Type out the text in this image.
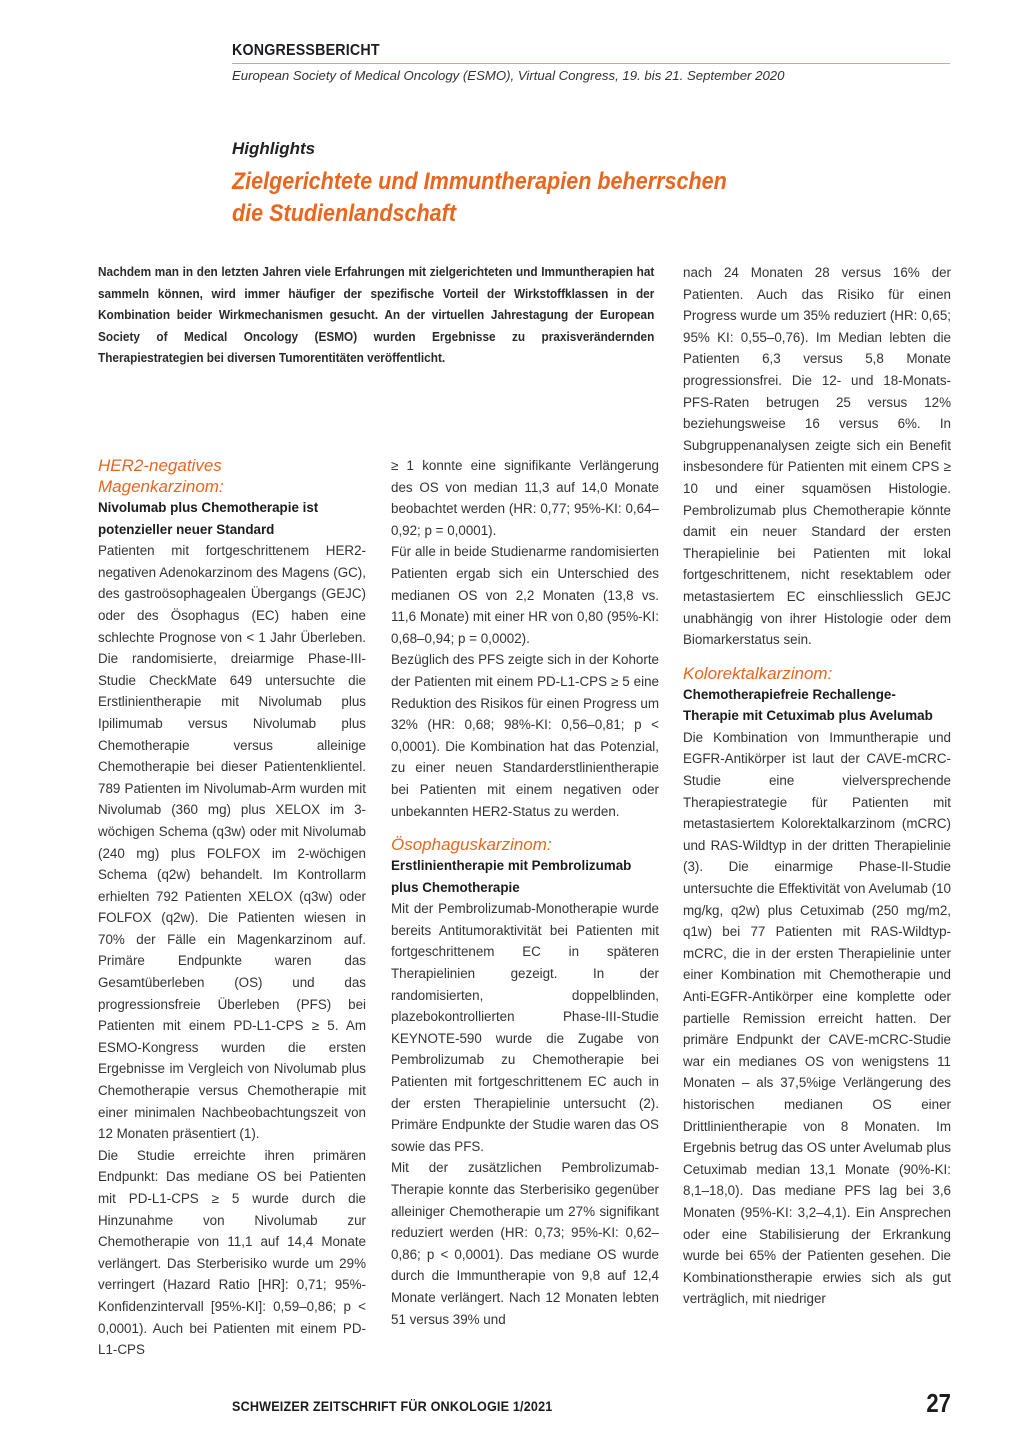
KONGRESSBERICHT
European Society of Medical Oncology (ESMO), Virtual Congress, 19. bis 21. September 2020
Highlights
Zielgerichtete und Immuntherapien beherrschen
die Studienlandschaft
Nachdem man in den letzten Jahren viele Erfahrungen mit zielgerichteten und Immuntherapien hat sammeln können, wird immer häufiger der spezifische Vorteil der Wirkstoffklassen in der Kombination beider Wirkmechanismen gesucht. An der virtuellen Jahrestagung der European Society of Medical Oncology (ESMO) wurden Ergebnisse zu praxisverändernden Therapiestrategien bei diversen Tumorentitäten veröffentlicht.

HER2-negatives Magenkarzinom:

Nivolumab plus Chemotherapie ist potenzieller neuer Standard

Patienten mit fortgeschrittenem HER2-negativen Adenokarzinom des Magens (GC), des gastroösophagealen Übergangs (GEJC) oder des Ösophagus (EC) haben eine schlechte Prognose von < 1 Jahr Überleben. Die randomisierte, dreiarmige Phase-III-Studie CheckMate 649 untersuchte die Erstlinientherapie mit Nivolumab plus Ipilimumab versus Nivolumab plus Chemotherapie versus alleinige Chemotherapie bei dieser Patientenklientel. 789 Patienten im Nivolumab-Arm wurden mit Nivolumab (360 mg) plus XELOX im 3-wöchigen Schema (q3w) oder mit Nivolumab (240 mg) plus FOLFOX im 2-wöchigen Schema (q2w) behandelt. Im Kontrollarm erhielten 792 Patienten XELOX (q3w) oder FOLFOX (q2w). Die Patienten wiesen in 70% der Fälle ein Magenkarzinom auf. Primäre Endpunkte waren das Gesamtüberleben (OS) und das progressionsfreie Überleben (PFS) bei Patienten mit einem PD-L1-CPS ≥ 5. Am ESMO-Kongress wurden die ersten Ergebnisse im Vergleich von Nivolumab plus Chemotherapie versus Chemotherapie mit einer minimalen Nachbeobachtungszeit von 12 Monaten präsentiert (1).

Die Studie erreichte ihren primären Endpunkt: Das mediane OS bei Patienten mit PD-L1-CPS ≥ 5 wurde durch die Hinzunahme von Nivolumab zur Chemotherapie von 11,1 auf 14,4 Monate verlängert. Das Sterberisiko wurde um 29% verringert (Hazard Ratio [HR]: 0,71; 95%-Konfidenzintervall [95%-KI]: 0,59–0,86; p < 0,0001). Auch bei Patienten mit einem PD-L1-CPS

≥ 1 konnte eine signifikante Verlängerung des OS von median 11,3 auf 14,0 Monate beobachtet werden (HR: 0,77; 95%-KI: 0,64–0,92; p = 0,0001).

Für alle in beide Studienarme randomisierten Patienten ergab sich ein Unterschied des medianen OS von 2,2 Monaten (13,8 vs. 11,6 Monate) mit einer HR von 0,80 (95%-KI: 0,68–0,94; p = 0,0002).

Bezüglich des PFS zeigte sich in der Kohorte der Patienten mit einem PD-L1-CPS ≥ 5 eine Reduktion des Risikos für einen Progress um 32% (HR: 0,68; 98%-KI: 0,56–0,81; p < 0,0001). Die Kombination hat das Potenzial, zu einer neuen Standarderstlinientherapie bei Patienten mit einem negativen oder unbekannten HER2-Status zu werden.

Ösophaguskarzinom:

Erstlinientherapie mit Pembrolizumab plus Chemotherapie

Mit der Pembrolizumab-Monotherapie wurde bereits Antitumoraktivität bei Patienten mit fortgeschrittenem EC in späteren Therapielinien gezeigt. In der randomisierten, doppelblinden, plazebokontrollierten Phase-III-Studie KEYNOTE-590 wurde die Zugabe von Pembrolizumab zu Chemotherapie bei Patienten mit fortgeschrittenem EC auch in der ersten Therapielinie untersucht (2). Primäre Endpunkte der Studie waren das OS sowie das PFS.

Mit der zusätzlichen Pembrolizumab-Therapie konnte das Sterberisiko gegenüber alleiniger Chemotherapie um 27% signifikant reduziert werden (HR: 0,73; 95%-KI: 0,62–0,86; p < 0,0001). Das mediane OS wurde durch die Immuntherapie von 9,8 auf 12,4 Monate verlängert. Nach 12 Monaten lebten 51 versus 39% und

nach 24 Monaten 28 versus 16% der Patienten. Auch das Risiko für einen Progress wurde um 35% reduziert (HR: 0,65; 95% KI: 0,55–0,76). Im Median lebten die Patienten 6,3 versus 5,8 Monate progressionsfrei. Die 12- und 18-Monats-PFS-Raten betrugen 25 versus 12% beziehungsweise 16 versus 6%. In Subgruppenanalysen zeigte sich ein Benefit insbesondere für Patienten mit einem CPS ≥ 10 und einer squamösen Histologie. Pembrolizumab plus Chemotherapie könnte damit ein neuer Standard der ersten Therapielinie bei Patienten mit lokal fortgeschrittenem, nicht resektablem oder metastasiertem EC einschliesslich GEJC unabhängig von ihrer Histologie oder dem Biomarkerstatus sein.

Kolorektalkarzinom:

Chemotherapiefreie Rechallenge-Therapie mit Cetuximab plus Avelumab

Die Kombination von Immuntherapie und EGFR-Antikörper ist laut der CAVE-mCRC-Studie eine vielversprechende Therapiestrategie für Patienten mit metastasiertem Kolorektalkarzinom (mCRC) und RAS-Wildtyp in der dritten Therapielinie (3). Die einarmige Phase-II-Studie untersuchte die Effektivität von Avelumab (10 mg/kg, q2w) plus Cetuximab (250 mg/m2, q1w) bei 77 Patienten mit RAS-Wildtyp-mCRC, die in der ersten Therapielinie unter einer Kombination mit Chemotherapie und Anti-EGFR-Antikörper eine komplette oder partielle Remission erreicht hatten. Der primäre Endpunkt der CAVE-mCRC-Studie war ein medianes OS von wenigstens 11 Monaten – als 37,5%ige Verlängerung des historischen medianen OS einer Drittlinientherapie von 8 Monaten. Im Ergebnis betrug das OS unter Avelumab plus Cetuximab median 13,1 Monate (90%-KI: 8,1–18,0). Das mediane PFS lag bei 3,6 Monaten (95%-KI: 3,2–4,1). Ein Ansprechen oder eine Stabilisierung der Erkrankung wurde bei 65% der Patienten gesehen. Die Kombinationstherapie erwies sich als gut verträglich, mit niedriger

SCHWEIZER ZEITSCHRIFT FÜR ONKOLOGIE 1/2021	27
